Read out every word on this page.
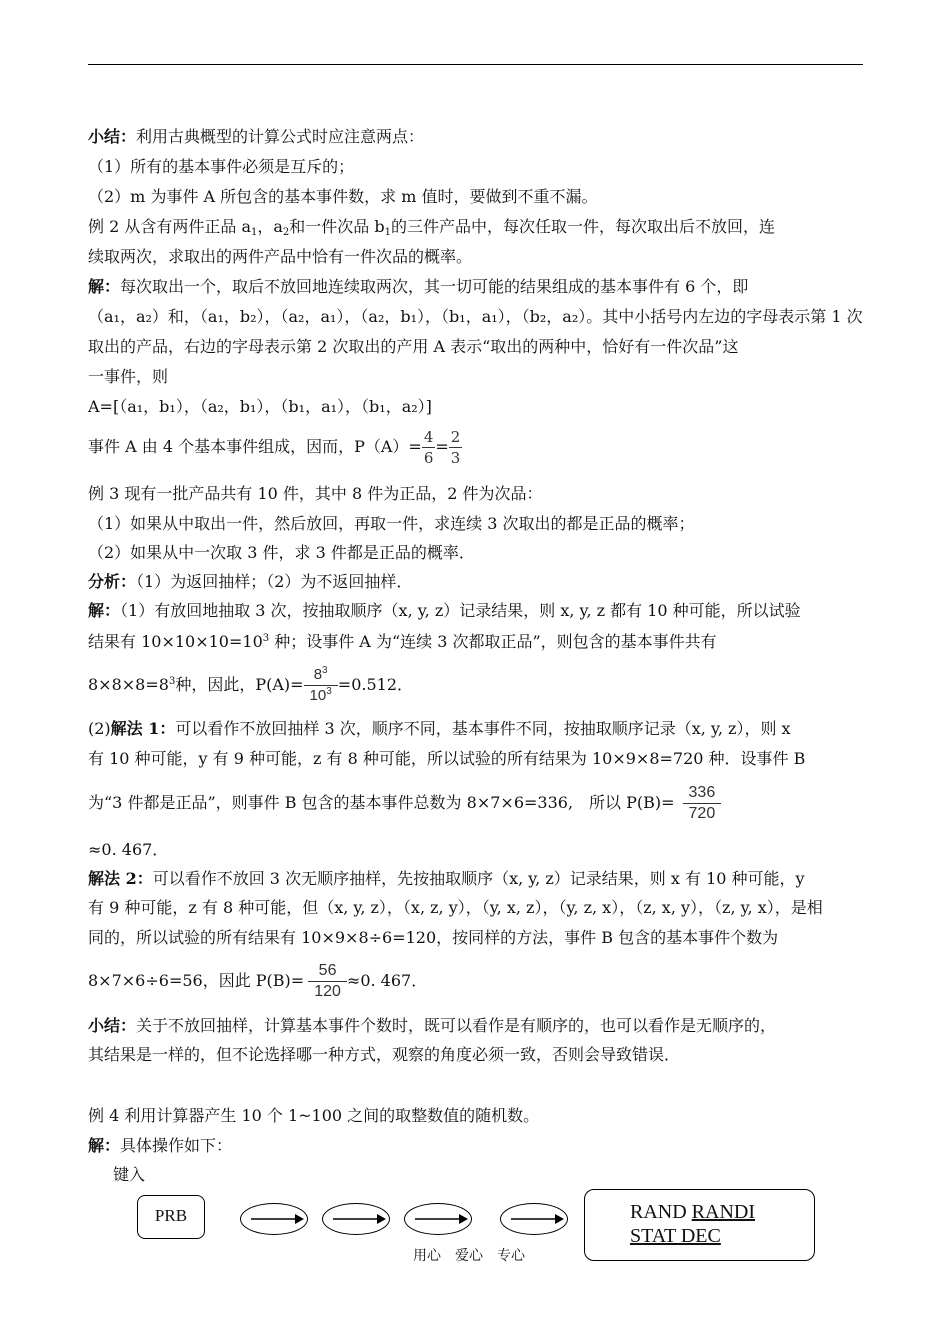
小结：利用古典概型的计算公式时应注意两点：
（1）所有的基本事件必须是互斥的；
（2）m 为事件 A 所包含的基本事件数，求 m 值时，要做到不重不漏。
例 2 从含有两件正品 $a_1$，$a_2$和一件次品 $b_1$的三件产品中，每次任取一件，每次取出后不放回，连
续取两次，求取出的两件产品中恰有一件次品的概率。
解：每次取出一个，取后不放回地连续取两次，其一切可能的结果组成的基本事件有 6 个，即
（a₁，a₂）和，（a₁，b₂），（a₂，a₁），（a₂，b₁），（b₁，a₁），（b₂，a₂）。其中小括号内左边的字母表示第 1 次
取出的产品，右边的字母表示第 2 次取出的产用 A 表示“取出的两种中，恰好有一件次品”这
一事件，则
A=[（a₁，b₁），（a₂，b₁），（b₁，a₁），（b₁，a₂）]
事件 A 由 4 个基本事件组成，因而，$P(A)= \frac{4}{6} = \frac{2}{3}$
例 3 现有一批产品共有 10 件，其中 8 件为正品，2 件为次品：
（1）如果从中取出一件，然后放回，再取一件，求连续 3 次取出的都是正品的概率；
（2）如果从中一次取 3 件，求 3 件都是正品的概率．
分析：（1）为返回抽样；（2）为不返回抽样．
解：（1）有放回地抽取 3 次，按抽取顺序（x, y, z）记录结果，则 x, y, z 都有 10 种可能，所以试验
结果有 $10\times 10\times 10=10^3$ 种；设事件 A 为“连续 3 次都取正品”，则包含的基本事件共有
$8\times 8\times 8=8^3$种，因此，$P(A)= \frac{8^3}{10^3} =0.512$．
(2)解法 1：可以看作不放回抽样 3 次，顺序不同，基本事件不同，按抽取顺序记录（x, y, z），则 x
有 10 种可能，y 有 9 种可能，z 有 8 种可能，所以试验的所有结果为 10×9×8=720 种．设事件 B
为“3 件都是正品”，则事件 B 包含的基本事件总数为 8×7×6=336,　所以 $P(B)= \frac{336}{720}$
≈0. 467．
解法 2：可以看作不放回 3 次无顺序抽样，先按抽取顺序（x, y, z）记录结果，则 x 有 10 种可能，y
有 9 种可能，z 有 8 种可能，但（x, y, z），（x, z, y），（y, x, z），（y, z, x），（z, x, y），（z, y, x），是相
同的，所以试验的所有结果有 10×9×8÷6=120，按同样的方法，事件 B 包含的基本事件个数为
8×7×6÷6=56，因此 $P(B)= \frac{56}{120} \approx 0$. 467．
小结：关于不放回抽样，计算基本事件个数时，既可以看作是有顺序的，也可以看作是无顺序的，
其结果是一样的，但不论选择哪一种方式，观察的角度必须一致，否则会导致错误．
例 4 利用计算器产生 10 个 1~100 之间的取整数值的随机数。
解：具体操作如下：
键入
PRB	RAND RANDI
STAT DEC
用心　爱心　专心
